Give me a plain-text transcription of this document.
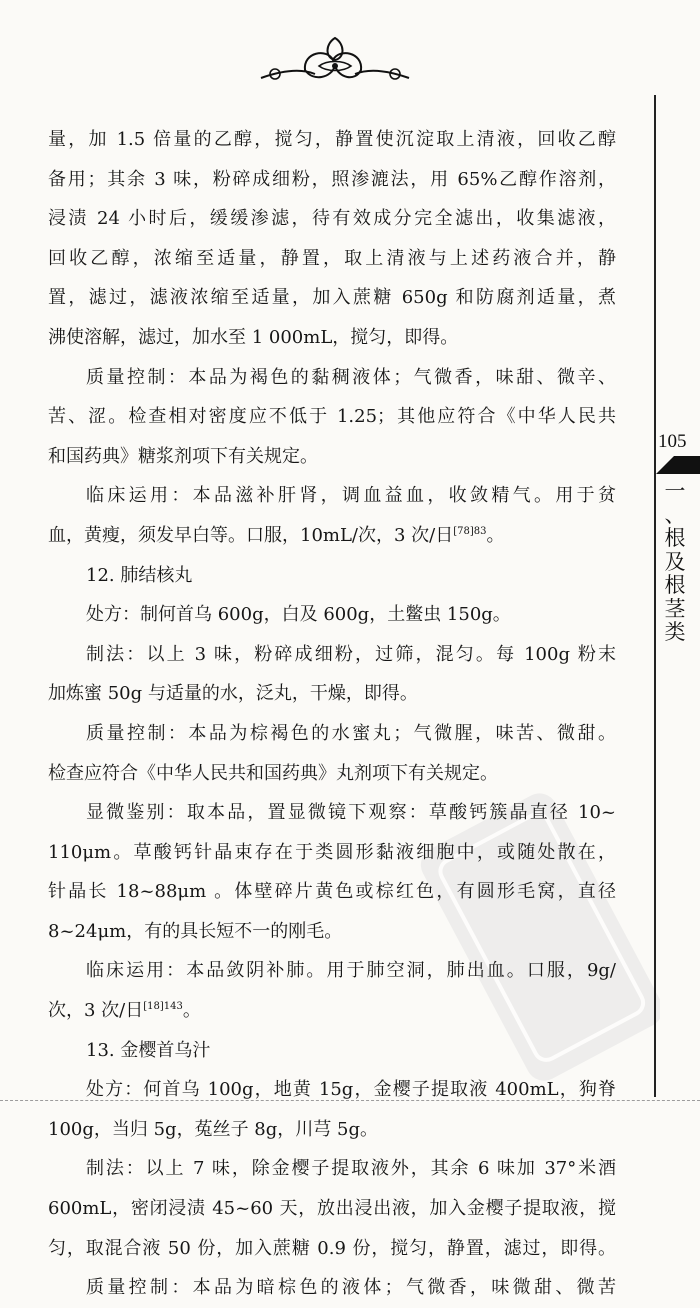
105
一
、
根
及
根
茎
类
量，加 1.5 倍量的乙醇，搅匀，静置使沉淀取上清液，回收乙醇
备用；其余 3 味，粉碎成细粉，照渗漉法，用 65%乙醇作溶剂，
浸渍 24 小时后，缓缓渗滤，待有效成分完全滤出，收集滤液，
回收乙醇，浓缩至适量，静置，取上清液与上述药液合并，静
置，滤过，滤液浓缩至适量，加入蔗糖 650g 和防腐剂适量，煮
沸使溶解，滤过，加水至 1 000mL，搅匀，即得。
质量控制：本品为褐色的黏稠液体；气微香，味甜、微辛、
苦、涩。检查相对密度应不低于 1.25；其他应符合《中华人民共
和国药典》糖浆剂项下有关规定。
临床运用：本品滋补肝肾，调血益血，收敛精气。用于贫
血，黄瘦，须发早白等。口服，10mL/次，3 次/日$^{[78]83}$。
12. 肺结核丸
处方：制何首乌 600g，白及 600g，土鳖虫 150g。
制法：以上 3 味，粉碎成细粉，过筛，混匀。每 100g 粉末
加炼蜜 50g 与适量的水，泛丸，干燥，即得。
质量控制：本品为棕褐色的水蜜丸；气微腥，味苦、微甜。
检查应符合《中华人民共和国药典》丸剂项下有关规定。
显微鉴别：取本品，置显微镜下观察：草酸钙簇晶直径 10~
110μm。草酸钙针晶束存在于类圆形黏液细胞中，或随处散在，
针晶长 18~88μm 。体壁碎片黄色或棕红色，有圆形毛窝，直径
8~24μm，有的具长短不一的刚毛。
临床运用：本品敛阴补肺。用于肺空洞，肺出血。口服，9g/
次，3 次/日$^{[18]143}$。
13. 金樱首乌汁
处方：何首乌 100g，地黄 15g，金樱子提取液 400mL，狗脊
100g，当归 5g，菟丝子 8g，川芎 5g。
制法：以上 7 味，除金樱子提取液外，其余 6 味加 37°米酒
600mL，密闭浸渍 45~60 天，放出浸出液，加入金樱子提取液，搅
匀，取混合液 50 份，加入蔗糖 0.9 份，搅匀，静置，滤过，即得。
质量控制：本品为暗棕色的液体；气微香，味微甜、微苦
